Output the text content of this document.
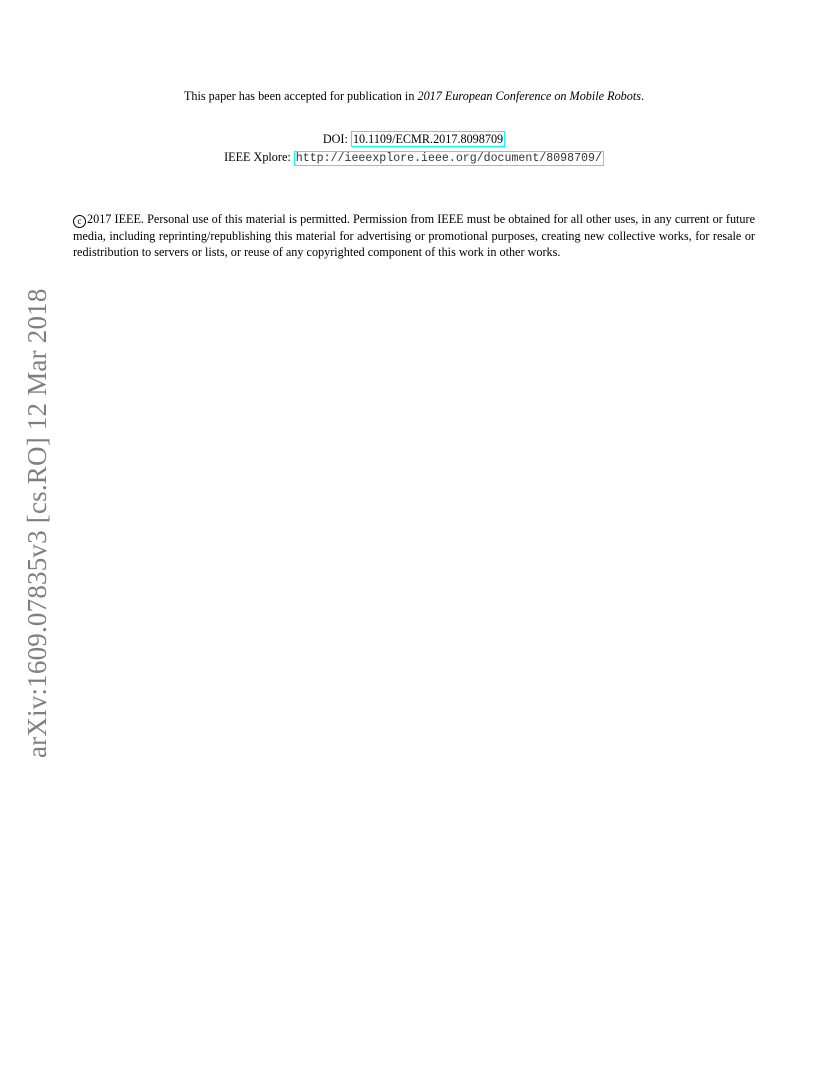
This paper has been accepted for publication in 2017 European Conference on Mobile Robots.
DOI: 10.1109/ECMR.2017.8098709
IEEE Xplore: http://ieeexplore.ieee.org/document/8098709/
c 2017 IEEE. Personal use of this material is permitted. Permission from IEEE must be obtained for all other uses, in any current or future media, including reprinting/republishing this material for advertising or promotional purposes, creating new collective works, for resale or redistribution to servers or lists, or reuse of any copyrighted component of this work in other works.
arXiv:1609.07835v3 [cs.RO] 12 Mar 2018
